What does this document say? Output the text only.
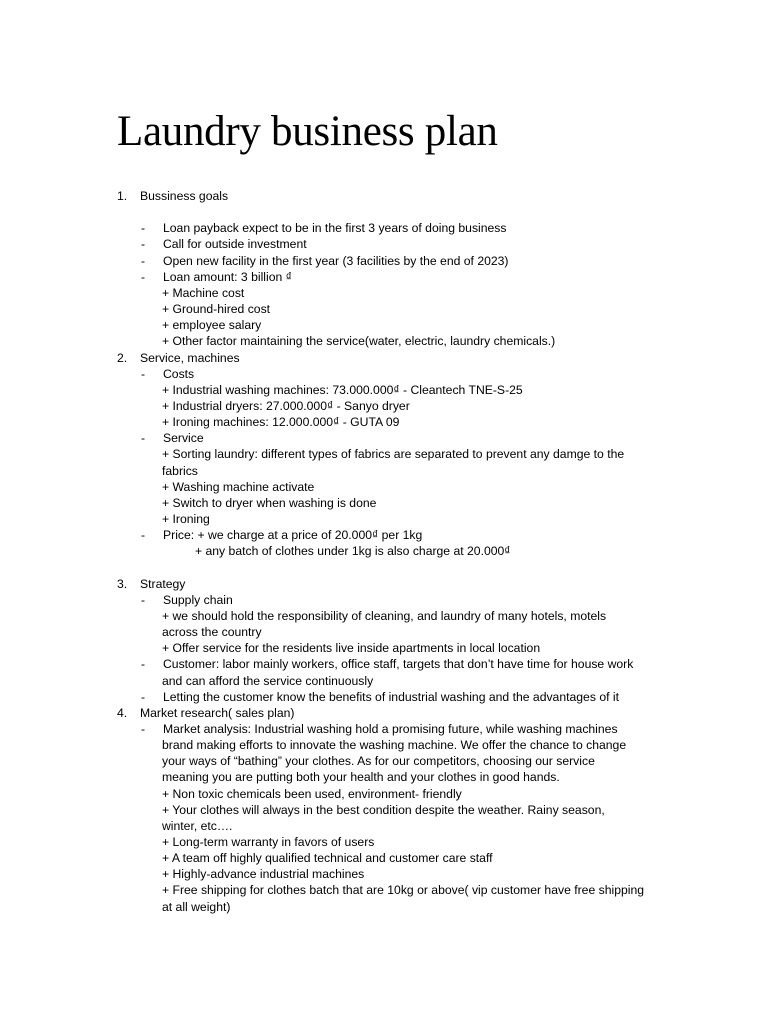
Laundry business plan
1. Bussiness goals
- Loan payback expect to be in the first 3 years of doing business
- Call for outside investment
- Open new facility in the first year (3 facilities by the end of 2023)
- Loan amount: 3 billion ₫
+ Machine cost
+ Ground-hired cost
+ employee salary
+ Other factor maintaining the service(water, electric, laundry chemicals.)
2. Service, machines
- Costs
+ Industrial washing machines: 73.000.000₫ - Cleantech TNE-S-25
+ Industrial dryers: 27.000.000₫ - Sanyo dryer
+ Ironing machines: 12.000.000₫ - GUTA 09
- Service
+ Sorting laundry: different types of fabrics are separated to prevent any damge to the
fabrics
+ Washing machine activate
+ Switch to dryer when washing is done
+ Ironing
- Price: + we charge at a price of 20.000₫ per 1kg
+ any batch of clothes under 1kg is also charge at 20.000₫
3. Strategy
- Supply chain
+ we should hold the responsibility of cleaning, and laundry of many hotels, motels
across the country
+ Offer service for the residents live inside apartments in local location
- Customer: labor mainly workers, office staff, targets that don’t have time for house work
and can afford the service continuously
- Letting the customer know the benefits of industrial washing and the advantages of it
4. Market research( sales plan)
- Market analysis: Industrial washing hold a promising future, while washing machines
brand making efforts to innovate the washing machine. We offer the chance to change
your ways of “bathing” your clothes. As for our competitors, choosing our service
meaning you are putting both your health and your clothes in good hands.
+ Non toxic chemicals been used, environment- friendly
+ Your clothes will always in the best condition despite the weather. Rainy season,
winter, etc….
+ Long-term warranty in favors of users
+ A team off highly qualified technical and customer care staff
+ Highly-advance industrial machines
+ Free shipping for clothes batch that are 10kg or above( vip customer have free shipping
at all weight)
